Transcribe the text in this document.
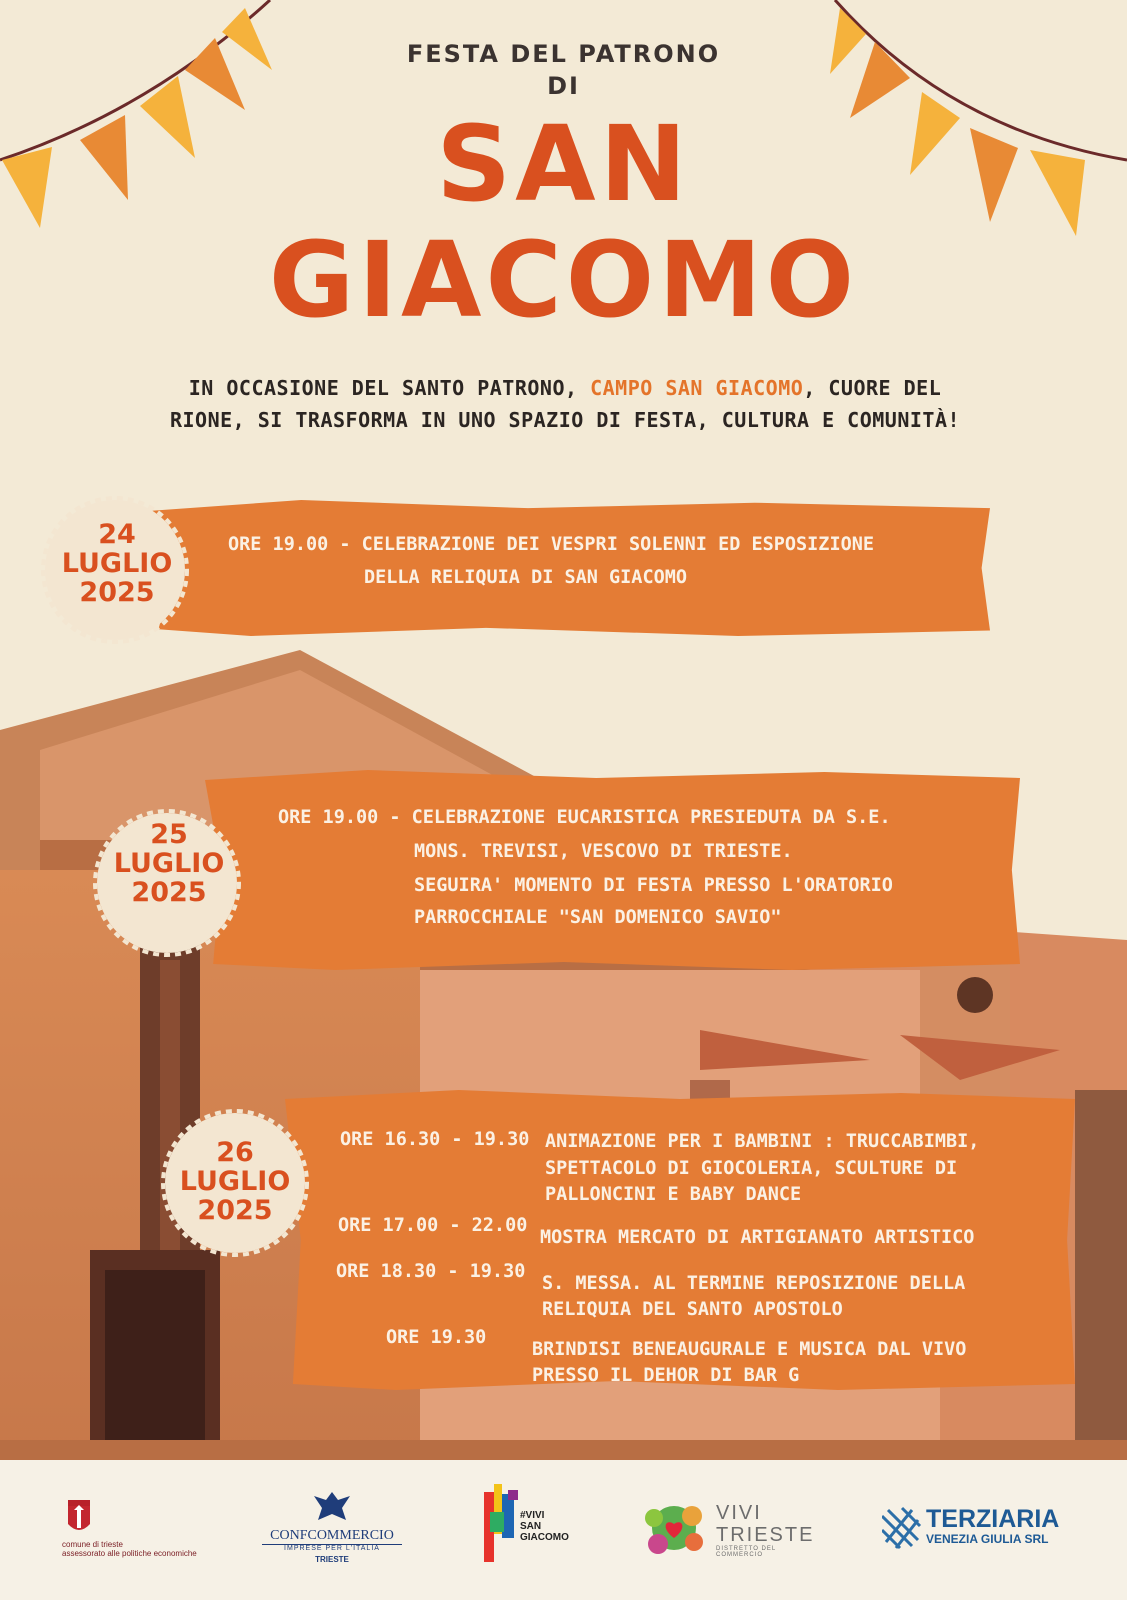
FESTA DEL PATRONO
DI
SAN
GIACOMO
IN OCCASIONE DEL SANTO PATRONO, CAMPO SAN GIACOMO, CUORE DEL
RIONE, SI TRASFORMA IN UNO SPAZIO DI FESTA, CULTURA E COMUNITÀ!
24
LUGLIO
2025
ORE 19.00 - CELEBRAZIONE DEI VESPRI SOLENNI ED ESPOSIZIONE
DELLA RELIQUIA DI SAN GIACOMO
25
LUGLIO
2025
ORE 19.00 - CELEBRAZIONE EUCARISTICA PRESIEDUTA DA S.E.
MONS. TREVISI, VESCOVO DI TRIESTE.
SEGUIRA' MOMENTO DI FESTA PRESSO L'ORATORIO
PARROCCHIALE "SAN DOMENICO SAVIO"
26
LUGLIO
2025
ORE 16.30 - 19.30 ANIMAZIONE PER I BAMBINI : TRUCCABIMBI,
SPETTACOLO DI GIOCOLERIA, SCULTURE DI
PALLONCINI E BABY DANCE
ORE 17.00 - 22.00
MOSTRA MERCATO DI ARTIGIANATO ARTISTICO
ORE 18.30 - 19.30
S. MESSA. AL TERMINE REPOSIZIONE DELLA
RELIQUIA DEL SANTO APOSTOLO
ORE 19.30
BRINDISI BENEAUGURALE E MUSICA DAL VIVO
PRESSO IL DEHOR DI BAR G
comune di trieste
assessorato alle politiche economiche
CONFCOMMERCIO
IMPRESE PER L'ITALIA
TRIESTE
#VIVI
SAN
GIACOMO
VIVI
TRIESTE
DISTRETTO DEL COMMERCIO
TERZIARIA
VENEZIA GIULIA SRL
